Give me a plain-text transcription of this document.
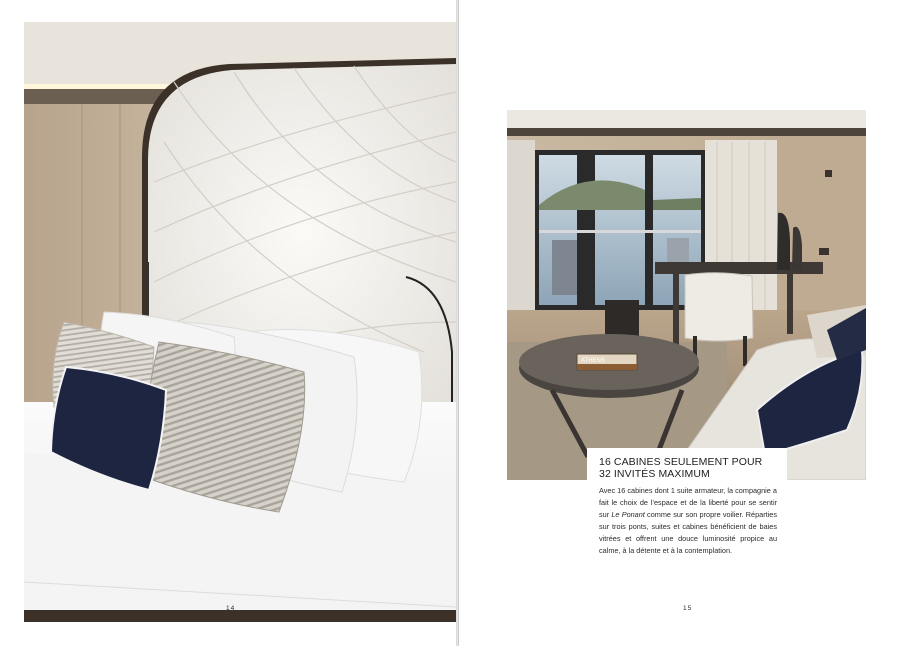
ATHENS
16 CABINES SEULEMENT POUR
32 INVITÉS MAXIMUM

Avec 16 cabines dont 1 suite armateur, la compagnie a fait le choix de l’espace et de la liberté pour se sentir sur Le Ponant comme sur son propre voilier. Réparties sur trois ponts, suites et cabines bénéficient de baies vitrées et offrent une douce luminosité propice au calme, à la détente et à la contemplation.

14	15
